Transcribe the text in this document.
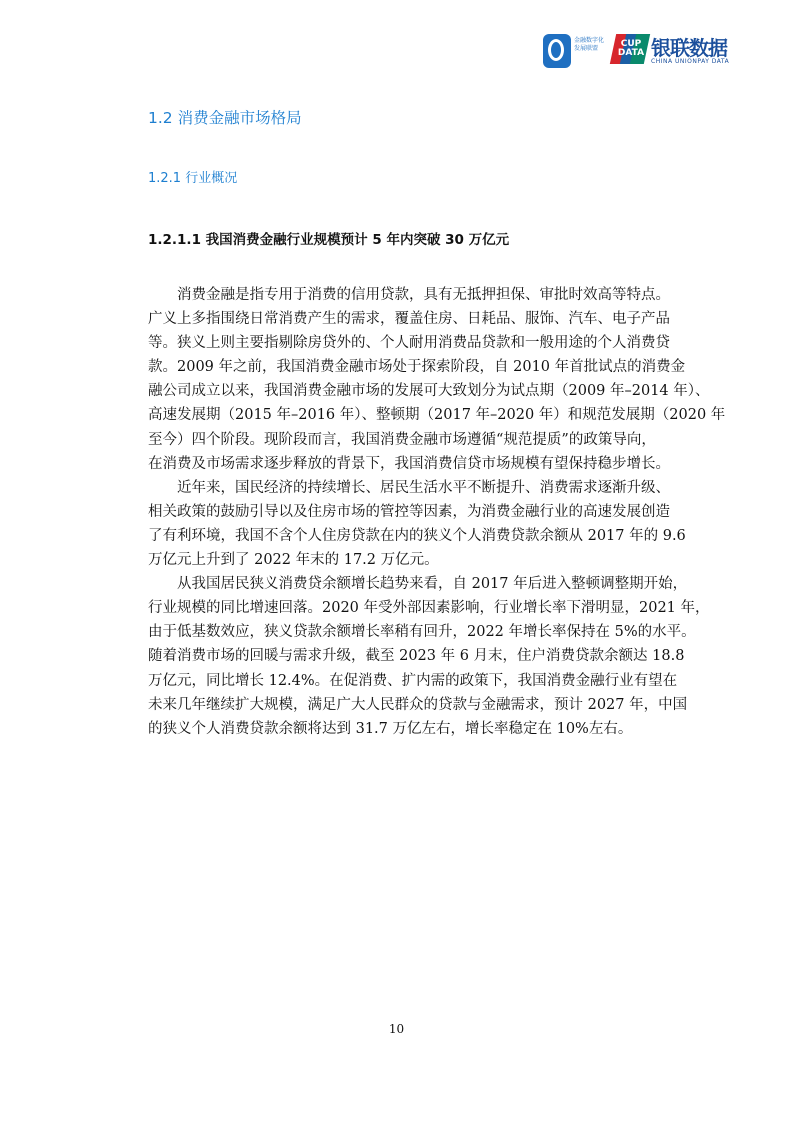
金融数字化
发展联盟	CUP
DATA 银联数据
CHINA UNIONPAY DATA
1.2 消费金融市场格局
1.2.1 行业概况
1.2.1.1 我国消费金融行业规模预计 5 年内突破 30 万亿元
消费金融是指专用于消费的信用贷款，具有无抵押担保、审批时效高等特点。
广义上多指围绕日常消费产生的需求，覆盖住房、日耗品、服饰、汽车、电子产品
等。狭义上则主要指剔除房贷外的、个人耐用消费品贷款和一般用途的个人消费贷
款。2009 年之前，我国消费金融市场处于探索阶段，自 2010 年首批试点的消费金
融公司成立以来，我国消费金融市场的发展可大致划分为试点期（2009 年–2014 年）、
高速发展期（2015 年–2016 年）、整顿期（2017 年–2020 年）和规范发展期（2020 年
至今）四个阶段。现阶段而言，我国消费金融市场遵循“规范提质”的政策导向，
在消费及市场需求逐步释放的背景下，我国消费信贷市场规模有望保持稳步增长。
近年来，国民经济的持续增长、居民生活水平不断提升、消费需求逐渐升级、
相关政策的鼓励引导以及住房市场的管控等因素，为消费金融行业的高速发展创造
了有利环境，我国不含个人住房贷款在内的狭义个人消费贷款余额从 2017 年的 9.6
万亿元上升到了 2022 年末的 17.2 万亿元。
从我国居民狭义消费贷余额增长趋势来看，自 2017 年后进入整顿调整期开始，
行业规模的同比增速回落。2020 年受外部因素影响，行业增长率下滑明显，2021 年，
由于低基数效应，狭义贷款余额增长率稍有回升，2022 年增长率保持在 5%的水平。
随着消费市场的回暖与需求升级，截至 2023 年 6 月末，住户消费贷款余额达 18.8
万亿元，同比增长 12.4%。在促消费、扩内需的政策下，我国消费金融行业有望在
未来几年继续扩大规模，满足广大人民群众的贷款与金融需求，预计 2027 年，中国
的狭义个人消费贷款余额将达到 31.7 万亿左右，增长率稳定在 10%左右。
10
